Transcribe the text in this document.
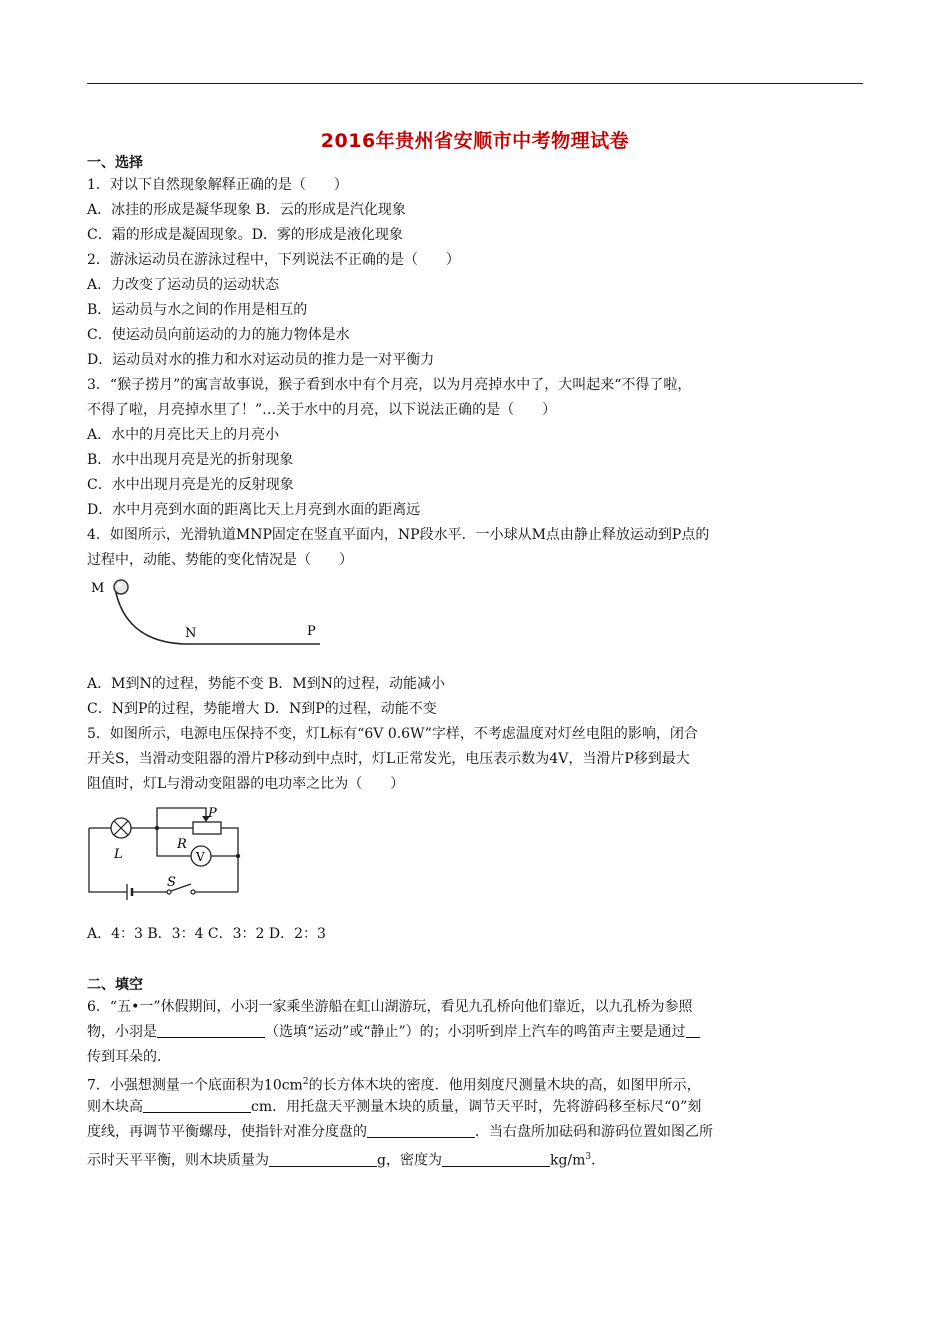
2016年贵州省安顺市中考物理试卷
一、选择
1．对以下自然现象解释正确的是（　　）
A．冰挂的形成是凝华现象 B．云的形成是汽化现象
C．霜的形成是凝固现象。D．雾的形成是液化现象
2．游泳运动员在游泳过程中，下列说法不正确的是（　　）
A．力改变了运动员的运动状态
B．运动员与水之间的作用是相互的
C．使运动员向前运动的力的施力物体是水
D．运动员对水的推力和水对运动员的推力是一对平衡力
3．“猴子捞月”的寓言故事说，猴子看到水中有个月亮，以为月亮掉水中了，大叫起来“不得了啦，
不得了啦，月亮掉水里了！”…关于水中的月亮，以下说法正确的是（　　）
A．水中的月亮比天上的月亮小
B．水中出现月亮是光的折射现象
C．水中出现月亮是光的反射现象
D．水中月亮到水面的距离比天上月亮到水面的距离远
4．如图所示，光滑轨道MNP固定在竖直平面内，NP段水平．一小球从M点由静止释放运动到P点的
过程中，动能、势能的变化情况是（　　）
M
N	P
A．M到N的过程，势能不变 B．M到N的过程，动能减小
C．N到P的过程，势能增大 D．N到P的过程，动能不变
5．如图所示，电源电压保持不变，灯L标有“6V 0.6W”字样，不考虑温度对灯丝电阻的影响，闭合
开关S，当滑动变阻器的滑片P移动到中点时，灯L正常发光，电压表示数为4V，当滑片P移到最大
阻值时，灯L与滑动变阻器的电功率之比为（　　）
V
L
P
R
S
A．4：3 B．3：4 C．3：2 D．2：3
二、填空
6．“五•一”休假期间，小羽一家乘坐游船在虹山湖游玩，看见九孔桥向他们靠近，以九孔桥为参照
物，小羽是	（选填“运动”或“静止”）的；小羽听到岸上汽车的鸣笛声主要是通过
传到耳朵的．
7．小强想测量一个底面积为$10cm^2$的长方体木块的密度．他用刻度尺测量木块的高，如图甲所示，
则木块高	cm．用托盘天平测量木块的质量，调节天平时，先将游码移至标尺“0”刻
度线，再调节平衡螺母，使指针对准分度盘的	．当右盘所加砝码和游码位置如图乙所
示时天平平衡，则木块质量为	g，密度为	$kg/m^3$．
